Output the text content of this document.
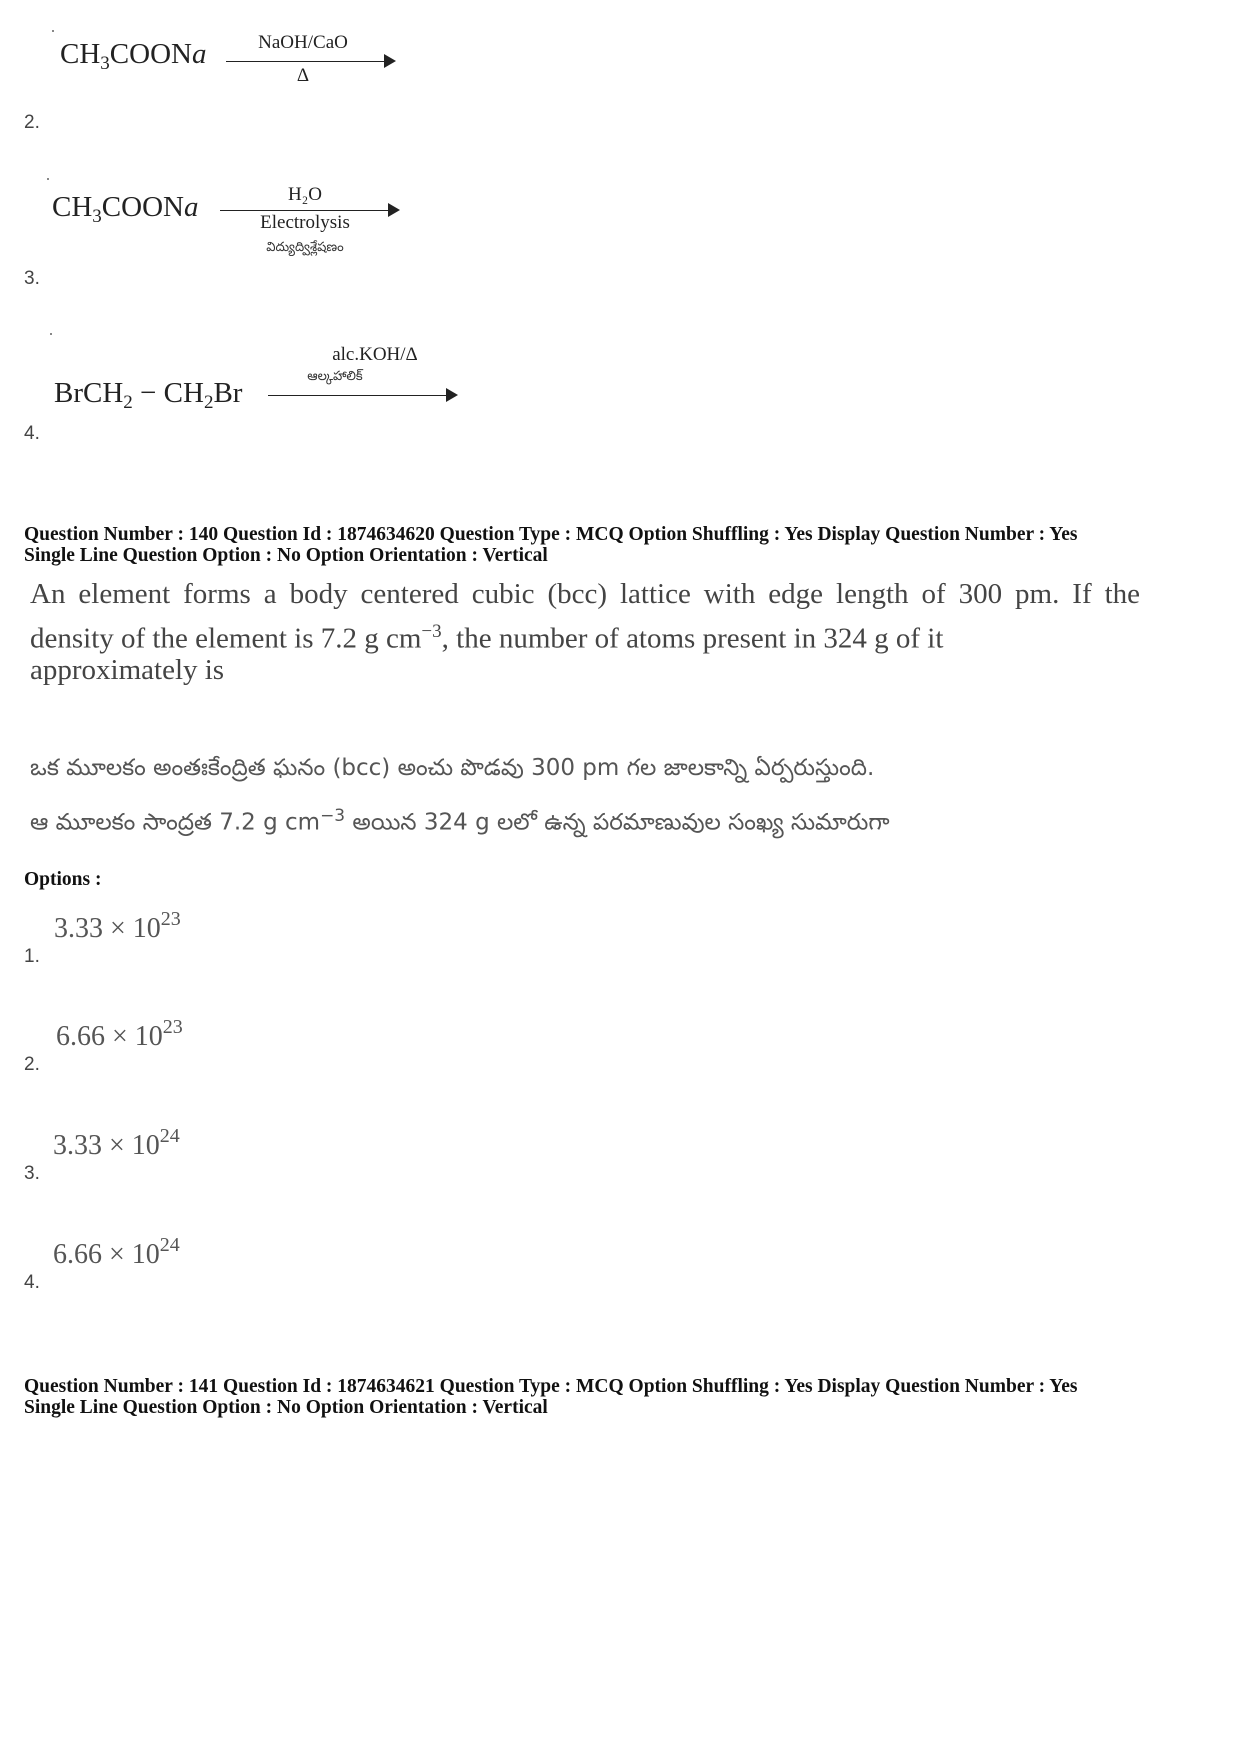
$CH_3COONa$	NaOH/CaO
Δ
2.
$CH_3COONa$	H₂O
Electrolysis
విద్యుద్విశ్లేషణం
3.
BrCH$_2$ − $CH_2Br$
alc.KOH/Δ
ఆల్కహాలిక్
4.
Question Number : 140 Question Id : 1874634620 Question Type : MCQ Option Shuffling : Yes Display Question Number : Yes
Single Line Question Option : No Option Orientation : Vertical
An element forms a body centered cubic (bcc) lattice with edge length of 300 pm. If the
density of the element is 7.2 g $cm^{-3}$, the number of atoms present in 324 g of it
approximately is
ఒక మూలకం అంతఃకేంద్రిత ఘనం (bcc) అంచు పొడవు 300 pm గల జాలకాన్ని ఏర్పరుస్తుంది.
ఆ మూలకం సాంద్రత 7.2 g $cm^{-3}$ అయిన 324 g లలో ఉన్న పరమాణువుల సంఖ్య సుమారుగా
Options :
$3.33 \times 10^{23}$
1.
$6.66 \times 10^{23}$
2.
$3.33 \times 10^{24}$
3.
$6.66 \times 10^{24}$
4.
Question Number : 141 Question Id : 1874634621 Question Type : MCQ Option Shuffling : Yes Display Question Number : Yes
Single Line Question Option : No Option Orientation : Vertical
